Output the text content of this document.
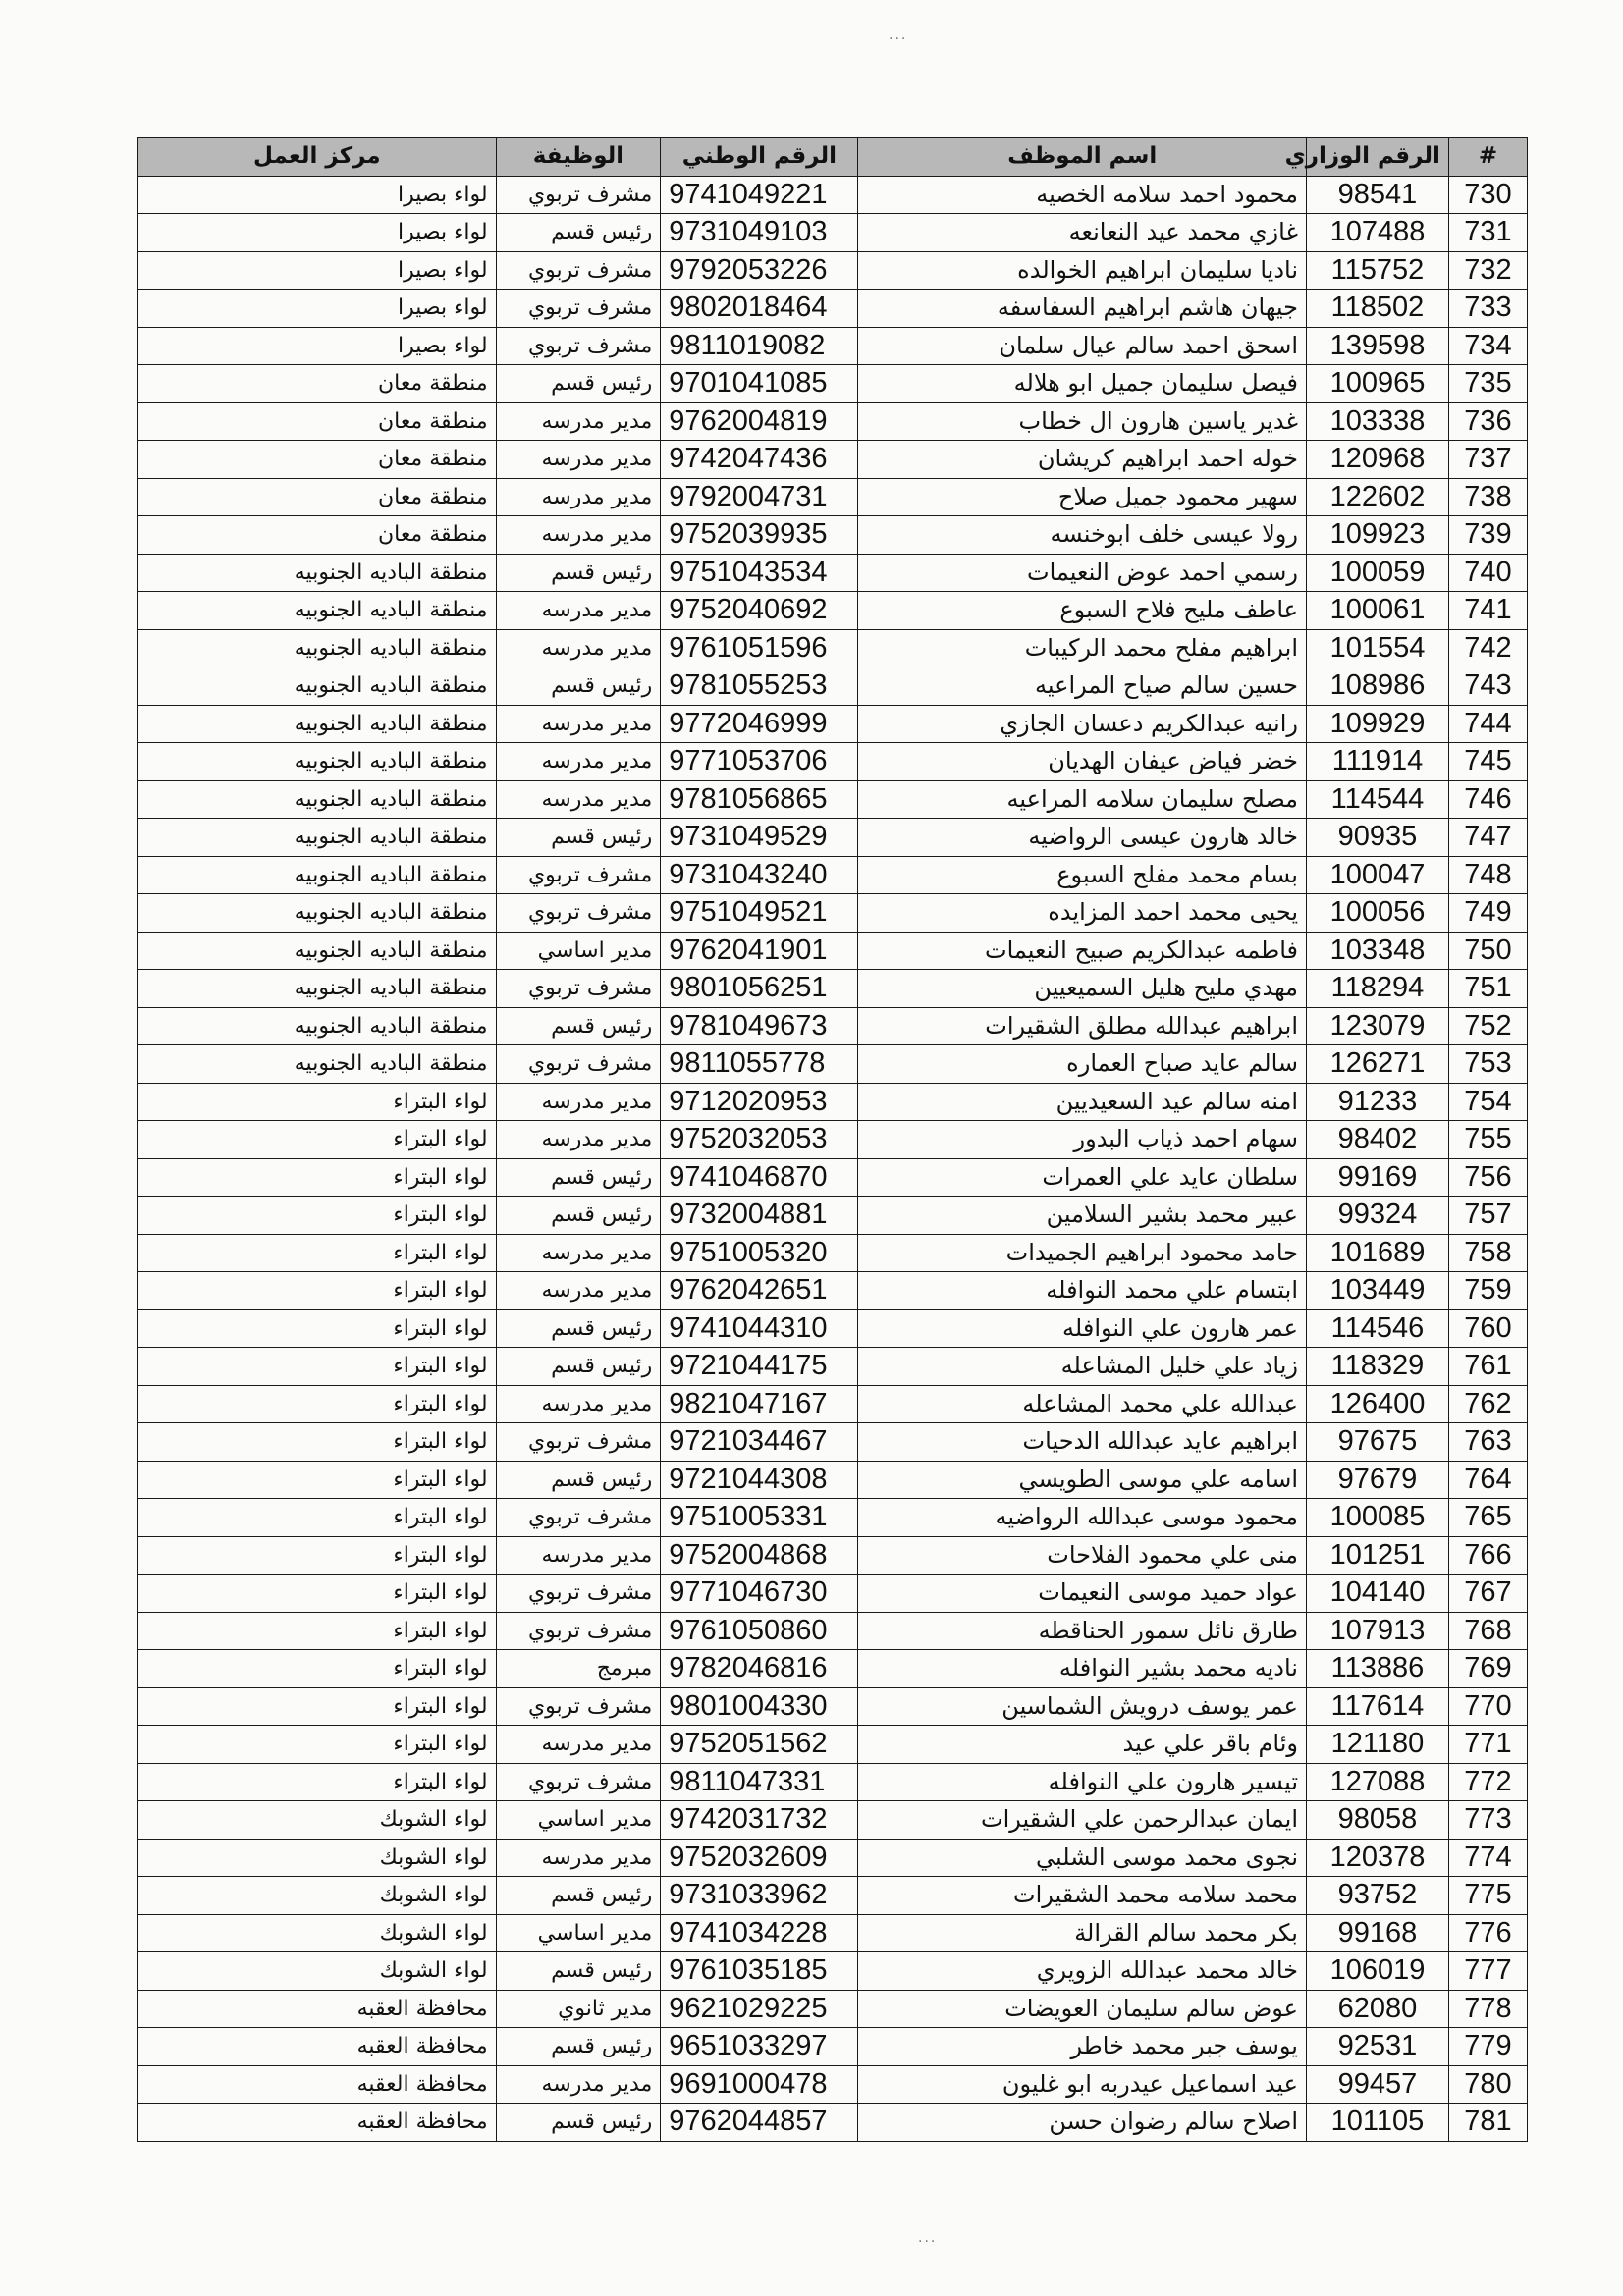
...
#	الرقم الوزاري	اسم الموظف	الرقم الوطني	الوظيفة	مركز العمل
730	98541	محمود احمد سلامه الخصيه	9741049221	مشرف تربوي	لواء بصيرا
731	107488	غازي محمد عيد النعانعه	9731049103	رئيس قسم	لواء بصيرا
732	115752	ناديا سليمان ابراهيم الخوالده	9792053226	مشرف تربوي	لواء بصيرا
733	118502	جيهان هاشم ابراهيم السفاسفه	9802018464	مشرف تربوي	لواء بصيرا
734	139598	اسحق احمد سالم عيال سلمان	9811019082	مشرف تربوي	لواء بصيرا
735	100965	فيصل سليمان جميل ابو هلاله	9701041085	رئيس قسم	منطقة معان
736	103338	غدير ياسين هارون ال خطاب	9762004819	مدير مدرسه	منطقة معان
737	120968	خوله احمد ابراهيم كريشان	9742047436	مدير مدرسه	منطقة معان
738	122602	سهير محمود جميل صلاح	9792004731	مدير مدرسه	منطقة معان
739	109923	رولا عيسى خلف ابوخنسه	9752039935	مدير مدرسه	منطقة معان
740	100059	رسمي احمد عوض النعيمات	9751043534	رئيس قسم	منطقة الباديه الجنوبيه
741	100061	عاطف مليح فلاح السبوع	9752040692	مدير مدرسه	منطقة الباديه الجنوبيه
742	101554	ابراهيم مفلح محمد الركيبات	9761051596	مدير مدرسه	منطقة الباديه الجنوبيه
743	108986	حسين سالم صياح المراعيه	9781055253	رئيس قسم	منطقة الباديه الجنوبيه
744	109929	رانيه عبدالكريم دعسان الجازي	9772046999	مدير مدرسه	منطقة الباديه الجنوبيه
745	111914	خضر فياض عيفان الهديان	9771053706	مدير مدرسه	منطقة الباديه الجنوبيه
746	114544	مصلح سليمان سلامه المراعيه	9781056865	مدير مدرسه	منطقة الباديه الجنوبيه
747	90935	خالد هارون عيسى الرواضيه	9731049529	رئيس قسم	منطقة الباديه الجنوبيه
748	100047	بسام محمد مفلح السبوع	9731043240	مشرف تربوي	منطقة الباديه الجنوبيه
749	100056	يحيى محمد احمد المزايده	9751049521	مشرف تربوي	منطقة الباديه الجنوبيه
750	103348	فاطمه عبدالكريم صبيح النعيمات	9762041901	مدير اساسي	منطقة الباديه الجنوبيه
751	118294	مهدي مليح هليل السميعيين	9801056251	مشرف تربوي	منطقة الباديه الجنوبيه
752	123079	ابراهيم عبدالله مطلق الشقيرات	9781049673	رئيس قسم	منطقة الباديه الجنوبيه
753	126271	سالم عايد صباح العماره	9811055778	مشرف تربوي	منطقة الباديه الجنوبيه
754	91233	امنه سالم عيد السعيديين	9712020953	مدير مدرسه	لواء البتراء
755	98402	سهام احمد ذياب البدور	9752032053	مدير مدرسه	لواء البتراء
756	99169	سلطان عايد علي العمرات	9741046870	رئيس قسم	لواء البتراء
757	99324	عبير محمد بشير السلامين	9732004881	رئيس قسم	لواء البتراء
758	101689	حامد محمود ابراهيم الجميدات	9751005320	مدير مدرسه	لواء البتراء
759	103449	ابتسام علي محمد النوافله	9762042651	مدير مدرسه	لواء البتراء
760	114546	عمر هارون علي النوافله	9741044310	رئيس قسم	لواء البتراء
761	118329	زياد علي خليل المشاعله	9721044175	رئيس قسم	لواء البتراء
762	126400	عبدالله علي محمد المشاعله	9821047167	مدير مدرسه	لواء البتراء
763	97675	ابراهيم عايد عبدالله الدحيات	9721034467	مشرف تربوي	لواء البتراء
764	97679	اسامه علي موسى الطويسي	9721044308	رئيس قسم	لواء البتراء
765	100085	محمود موسى عبدالله الرواضيه	9751005331	مشرف تربوي	لواء البتراء
766	101251	منى علي محمود الفلاحات	9752004868	مدير مدرسه	لواء البتراء
767	104140	عواد حميد موسى النعيمات	9771046730	مشرف تربوي	لواء البتراء
768	107913	طارق نائل سمور الحناقطه	9761050860	مشرف تربوي	لواء البتراء
769	113886	ناديه محمد بشير النوافله	9782046816	مبرمج	لواء البتراء
770	117614	عمر يوسف درويش الشماسين	9801004330	مشرف تربوي	لواء البتراء
771	121180	وئام باقر علي عيد	9752051562	مدير مدرسه	لواء البتراء
772	127088	تيسير هارون علي النوافله	9811047331	مشرف تربوي	لواء البتراء
773	98058	ايمان عبدالرحمن علي الشقيرات	9742031732	مدير اساسي	لواء الشوبك
774	120378	نجوى محمد موسى الشلبي	9752032609	مدير مدرسه	لواء الشوبك
775	93752	محمد سلامه محمد الشقيرات	9731033962	رئيس قسم	لواء الشوبك
776	99168	بكر محمد سالم القرالة	9741034228	مدير اساسي	لواء الشوبك
777	106019	خالد محمد عبدالله الزويري	9761035185	رئيس قسم	لواء الشوبك
778	62080	عوض سالم سليمان العويضات	9621029225	مدير ثانوي	محافظة العقبه
779	92531	يوسف جبر محمد خاطر	9651033297	رئيس قسم	محافظة العقبه
780	99457	عيد اسماعيل عيدربه ابو غليون	9691000478	مدير مدرسه	محافظة العقبه
781	101105	اصلاح سالم رضوان حسن	9762044857	رئيس قسم	محافظة العقبه
...
